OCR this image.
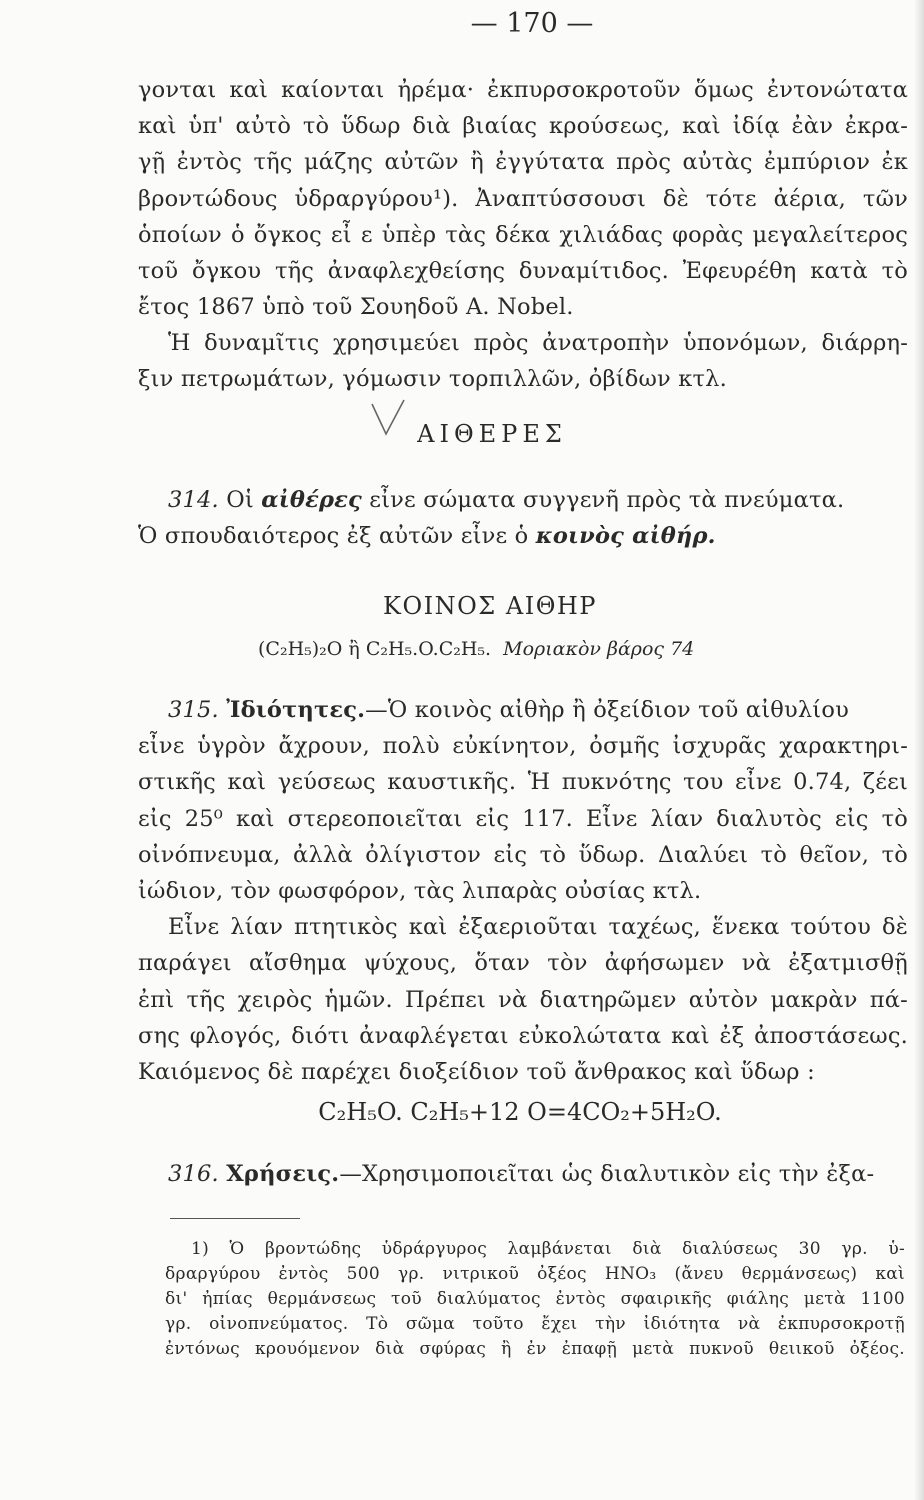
— 170 —
γονται καὶ καίονται ἠρέμα· ἐκπυρσοκροτοῦν ὅμως ἐντονώτατα
καὶ ὑπ' αὐτὸ τὸ ὕδωρ διὰ βιαίας κρούσεως, καὶ ἰδίᾳ ἐὰν ἐκρα-
γῇ ἐντὸς τῆς μάζης αὐτῶν ἢ ἐγγύτατα πρὸς αὐτὰς ἐμπύριον ἐκ
βροντώδους ὑδραργύρου¹). Ἀναπτύσσουσι δὲ τότε ἀέρια, τῶν
ὁποίων ὁ ὄγκος εἶ ε ὑπὲρ τὰς δέκα χιλιάδας φορὰς μεγαλείτερος
τοῦ ὄγκου τῆς ἀναφλεχθείσης δυναμίτιδος. Ἐφευρέθη κατὰ τὸ
ἔτος 1867 ὑπὸ τοῦ Σουηδοῦ A. Nobel.
Ἡ δυναμῖτις χρησιμεύει πρὸς ἀνατροπὴν ὑπονόμων, διάρρη-
ξιν πετρωμάτων, γόμωσιν τορπιλλῶν, ὀβίδων κτλ.
ΑΙΘΕΡΕΣ
314. Οἱ αἰθέρες εἶνε σώματα συγγενῆ πρὸς τὰ πνεύματα.
Ὁ σπουδαιότερος ἐξ αὐτῶν εἶνε ὁ κοινὸς αἰθήρ.
ΚΟΙΝΟΣ ΑΙΘΗΡ
(C₂H₅)₂O ἢ C₂H₅.O.C₂H₅. Μοριακὸν βάρος 74
315. Ἰδιότητες.—Ὁ κοινὸς αἰθὴρ ἢ ὀξείδιον τοῦ αἰθυλίου
εἶνε ὑγρὸν ἄχρουν, πολὺ εὐκίνητον, ὀσμῆς ἰσχυρᾶς χαρακτηρι-
στικῆς καὶ γεύσεως καυστικῆς. Ἡ πυκνότης του εἶνε 0.74, ζέει
εἰς 25⁰ καὶ στερεοποιεῖται εἰς 117. Εἶνε λίαν διαλυτὸς εἰς τὸ
οἰνόπνευμα, ἀλλὰ ὀλίγιστον εἰς τὸ ὕδωρ. Διαλύει τὸ θεῖον, τὸ
ἰώδιον, τὸν φωσφόρον, τὰς λιπαρὰς οὐσίας κτλ.
Εἶνε λίαν πτητικὸς καὶ ἐξαεριοῦται ταχέως, ἕνεκα τούτου δὲ
παράγει αἴσθημα ψύχους, ὅταν τὸν ἀφήσωμεν νὰ ἐξατμισθῇ
ἐπὶ τῆς χειρὸς ἡμῶν. Πρέπει νὰ διατηρῶμεν αὐτὸν μακρὰν πά-
σης φλογός, διότι ἀναφλέγεται εὐκολώτατα καὶ ἐξ ἀποστάσεως.
Καιόμενος δὲ παρέχει διοξείδιον τοῦ ἄνθρακος καὶ ὕδωρ :
C₂H₅O. C₂H₅+12 O=4CO₂+5H₂O.
316. Χρήσεις.—Χρησιμοποιεῖται ὡς διαλυτικὸν εἰς τὴν ἐξα-
1) Ὁ βροντώδης ὑδράργυρος λαμβάνεται διὰ διαλύσεως 30 γρ. ὑ-
δραργύρου ἐντὸς 500 γρ. νιτρικοῦ ὀξέος HNO₃ (ἄνευ θερμάνσεως) καὶ
δι' ἠπίας θερμάνσεως τοῦ διαλύματος ἐντὸς σφαιρικῆς φιάλης μετὰ 1100
γρ. οἰνοπνεύματος. Τὸ σῶμα τοῦτο ἔχει τὴν ἰδιότητα νὰ ἐκπυρσοκροτῇ
ἐντόνως κρουόμενον διὰ σφύρας ἢ ἐν ἐπαφῇ μετὰ πυκνοῦ θειικοῦ ὀξέος.
